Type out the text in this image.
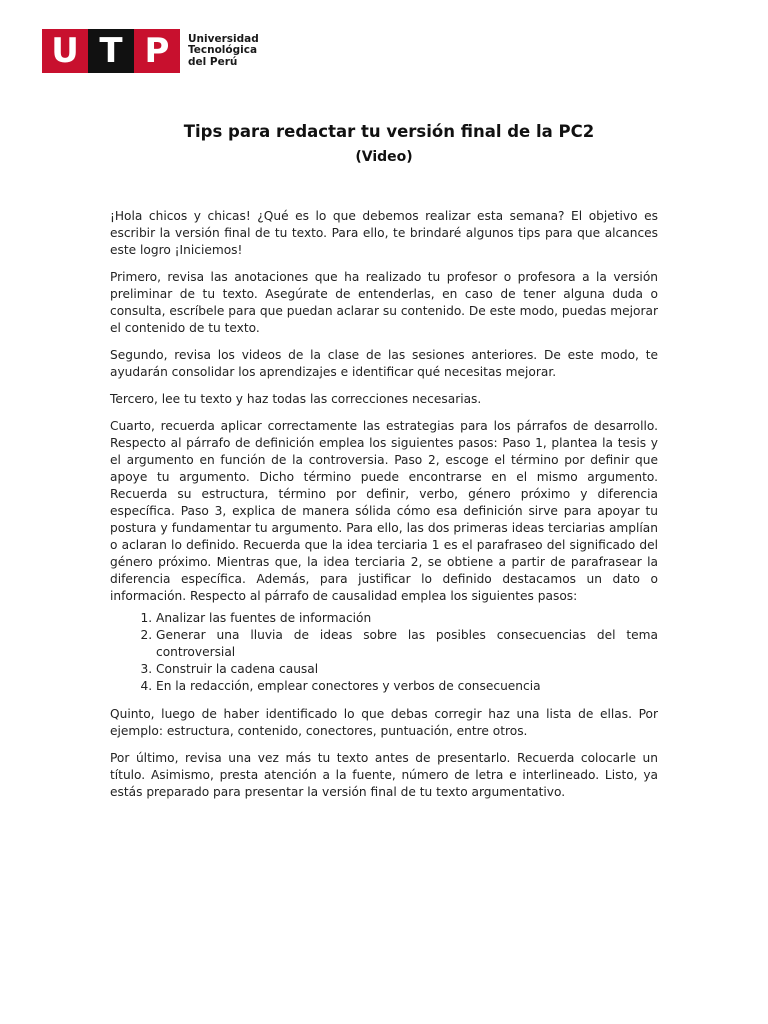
U T P	Universidad
Tecnológica
del Perú
Tips para redactar tu versión final de la PC2
(Video)

¡Hola chicos y chicas! ¿Qué es lo que debemos realizar esta semana? El objetivo es escribir la versión final de tu texto. Para ello, te brindaré algunos tips para que alcances este logro ¡Iniciemos!

Primero, revisa las anotaciones que ha realizado tu profesor o profesora a la versión preliminar de tu texto. Asegúrate de entenderlas, en caso de tener alguna duda o consulta, escríbele para que puedan aclarar su contenido. De este modo, puedas mejorar el contenido de tu texto.

Segundo, revisa los videos de la clase de las sesiones anteriores. De este modo, te ayudarán consolidar los aprendizajes e identificar qué necesitas mejorar.

Tercero, lee tu texto y haz todas las correcciones necesarias.

Cuarto, recuerda aplicar correctamente las estrategias para los párrafos de desarrollo. Respecto al párrafo de definición emplea los siguientes pasos: Paso 1, plantea la tesis y el argumento en función de la controversia. Paso 2, escoge el término por definir que apoye tu argumento. Dicho término puede encontrarse en el mismo argumento. Recuerda su estructura, término por definir, verbo, género próximo y diferencia específica. Paso 3, explica de manera sólida cómo esa definición sirve para apoyar tu postura y fundamentar tu argumento. Para ello, las dos primeras ideas terciarias amplían o aclaran lo definido. Recuerda que la idea terciaria 1 es el parafraseo del significado del género próximo. Mientras que, la idea terciaria 2, se obtiene a partir de parafrasear la diferencia específica. Además, para justificar lo definido destacamos un dato o información. Respecto al párrafo de causalidad emplea los siguientes pasos:

1. Analizar las fuentes de información
2. Generar una lluvia de ideas sobre las posibles consecuencias del tema controversial
3. Construir la cadena causal
4. En la redacción, emplear conectores y verbos de consecuencia

Quinto, luego de haber identificado lo que debas corregir haz una lista de ellas. Por ejemplo: estructura, contenido, conectores, puntuación, entre otros.

Por último, revisa una vez más tu texto antes de presentarlo. Recuerda colocarle un título. Asimismo, presta atención a la fuente, número de letra e interlineado. Listo, ya estás preparado para presentar la versión final de tu texto argumentativo.
